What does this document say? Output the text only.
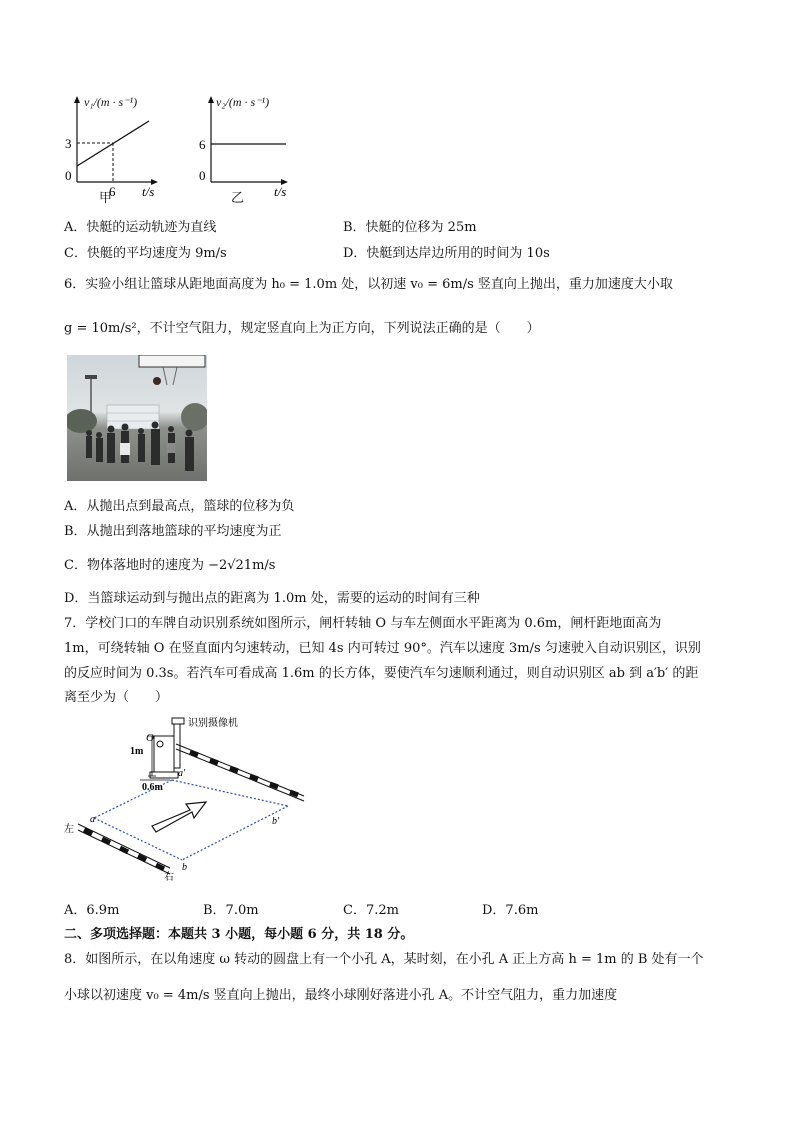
3
0
6 t/s
v₁/(m · s⁻¹)
甲
6
0
t/s
v₂/(m · s⁻¹)
乙
A．快艇的运动轨迹为直线	B．快艇的位移为 25m
C．快艇的平均速度为 9m/s	D．快艇到达岸边所用的时间为 10s
6．实验小组让篮球从距地面高度为 h₀ = 1.0m 处，以初速 v₀ = 6m/s 竖直向上抛出，重力加速度大小取
g = 10m/s²，不计空气阻力，规定竖直向上为正方向，下列说法正确的是（　　）
A．从抛出点到最高点，篮球的位移为负
B．从抛出到落地篮球的平均速度为正
C．物体落地时的速度为 −2√21m/s
D．当篮球运动到与抛出点的距离为 1.0m 处，需要的运动的时间有三种
7．学校门口的车牌自动识别系统如图所示，闸杆转轴 O 与车左侧面水平距离为 0.6m，闸杆距地面高为
1m，可绕转轴 O 在竖直面内匀速转动，已知 4s 内可转过 90°。汽车以速度 3m/s 匀速驶入自动识别区，识别
的反应时间为 0.3s。若汽车可看成高 1.6m 的长方体，要使汽车匀速顺利通过，则自动识别区 ab 到 a′b′ 的距
离至少为（　　）
识别摄像机
O
1m
0.6m
a′
b′
a
b
左
右
A．6.9m	B．7.0m	C．7.2m	D．7.6m
二、多项选择题：本题共 3 小题，每小题 6 分，共 18 分。
8．如图所示，在以角速度 ω 转动的圆盘上有一个小孔 A，某时刻，在小孔 A 正上方高 h = 1m 的 B 处有一个
小球以初速度 v₀ = 4m/s 竖直向上抛出，最终小球刚好落进小孔 A。不计空气阻力，重力加速度
